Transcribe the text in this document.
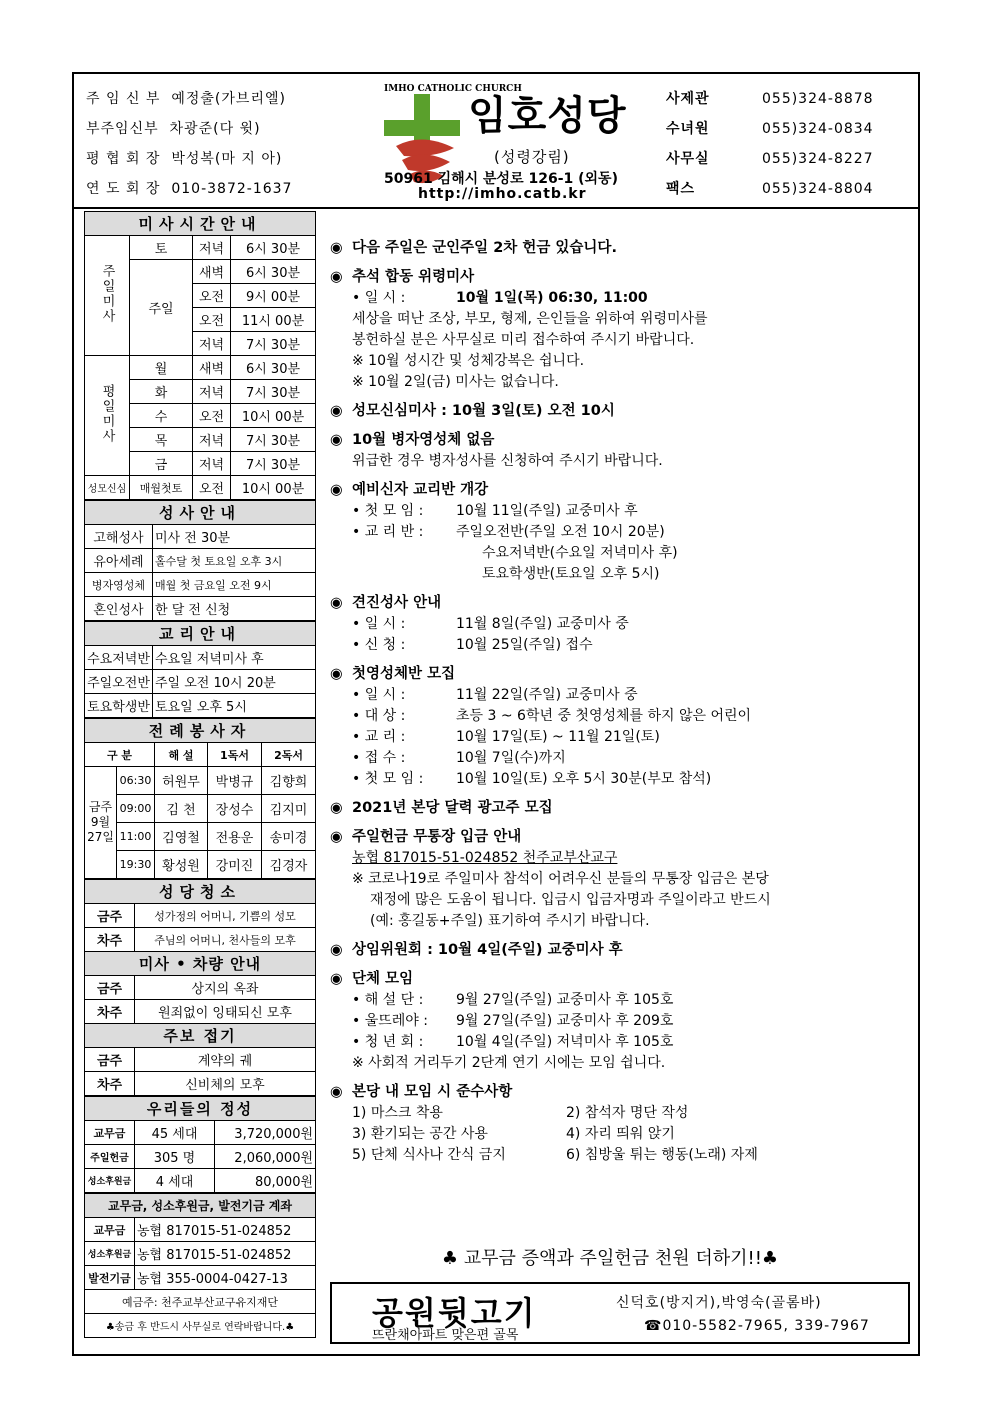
주 임 신 부 예정출(가브리엘)
부주임신부 차광준(다 윗)
평 협 회 장 박성복(마 지 아)
연 도 회 장 010-3872-1637
IMHO CATHOLIC CHURCH
임호성당
(성령강림)
50961 김해시 분성로 126-1 (외동)
http://imho.catb.kr
사제관	055)324-8878
수녀원	055)324-0834
사무실	055)324-8227
팩스	055)324-8804
미사시간안내			
주일미사	토	저녁	6시 30분
	주일	새벽	6시 30분
		오전	9시 00분
		오전	11시 00분
		저녁	7시 30분
평일미사	월	새벽	6시 30분
	화	저녁	7시 30분
	수	오전	10시 00분
	목	저녁	7시 30분
	금	저녁	7시 30분
성모신심	매월첫토	오전	10시 00분
성사안내	
고해성사	미사 전 30분
유아세례	홀수달 첫 토요일 오후 3시
병자영성체	매월 첫 금요일 오전 9시
혼인성사	한 달 전 신청
교리안내	
수요저녁반	수요일 저녁미사 후
주일오전반	주일 오전 10시 20분
토요학생반	토요일 오후 5시
전례봉사자				
구 분		해 설	1독서	2독서
금주 9월 27일	06:30	허원무	박병규	김향희
	09:00	김 천	장성수	김지미
	11:00	김영철	전용운	송미경
	19:30	황성원	강미진	김경자
성당청소	
금주	성가정의 어머니, 기쁨의 성모
차주	주님의 어머니, 천사들의 모후
미사 • 차량 안내	
금주	상지의 옥좌
차주	원죄없이 잉태되신 모후
주보 접기	
금주	계약의 궤
차주	신비체의 모후
우리들의 정성		
교무금	45 세대	3,720,000원
주일헌금	305 명	2,060,000원
성소후원금	4 세대	80,000원
교무금, 성소후원금, 발전기금 계좌	
교무금	농협 817015-51-024852
성소후원금	농협 817015-51-024852
발전기금	농협 355-0004-0427-13
예금주: 천주교부산교구유지재단	
♣송금 후 반드시 사무실로 연락바랍니다.♣	
◉ 다음 주일은 군인주일 2차 헌금 있습니다.
◉ 추석 합동 위령미사
• 일 시 :	10월 1일(목) 06:30, 11:00
세상을 떠난 조상, 부모, 형제, 은인들을 위하여 위령미사를
봉헌하실 분은 사무실로 미리 접수하여 주시기 바랍니다.
※ 10월 성시간 및 성체강복은 쉽니다.
※ 10월 2일(금) 미사는 없습니다.
◉ 성모신심미사 : 10월 3일(토) 오전 10시
◉ 10월 병자영성체 없음
위급한 경우 병자성사를 신청하여 주시기 바랍니다.
◉ 예비신자 교리반 개강
• 첫 모 임 : 10월 11일(주일) 교중미사 후
• 교 리 반 : 주일오전반(주일 오전 10시 20분)
수요저녁반(수요일 저녁미사 후)
토요학생반(토요일 오후 5시)
◉ 견진성사 안내
• 일 시 :	11월 8일(주일) 교중미사 중
• 신 청 :	10월 25일(주일) 접수
◉ 첫영성체반 모집
• 일 시 :	11월 22일(주일) 교중미사 중
• 대 상 :	초등 3 ~ 6학년 중 첫영성체를 하지 않은 어린이
• 교 리 :	10월 17일(토) ~ 11월 21일(토)
• 접 수 :	10월 7일(수)까지
• 첫 모 임 : 10월 10일(토) 오후 5시 30분(부모 참석)
◉ 2021년 본당 달력 광고주 모집
◉ 주일헌금 무통장 입금 안내
농협 817015-51-024852 천주교부산교구
※ 코로나19로 주일미사 참석이 어려우신 분들의 무통장 입금은 본당
재정에 많은 도움이 됩니다. 입금시 입금자명과 주일이라고 반드시
(예: 홍길동+주일) 표기하여 주시기 바랍니다.
◉ 상임위원회 : 10월 4일(주일) 교중미사 후
◉ 단체 모임
• 해 설 단 : 9월 27일(주일) 교중미사 후 105호
• 울뜨레야 : 9월 27일(주일) 교중미사 후 209호
• 청 년 회 : 10월 4일(주일) 저녁미사 후 105호
※ 사회적 거리두기 2단계 연기 시에는 모임 쉽니다.
◉ 본당 내 모임 시 준수사항
1) 마스크 착용	2) 참석자 명단 작성
3) 환기되는 공간 사용	4) 자리 띄워 앉기
5) 단체 식사나 간식 금지	6) 침방울 튀는 행동(노래) 자제
♣ 교무금 증액과 주일헌금 천원 더하기!!♣
공원뒷고기
뜨란채아파트 맞은편 골목
신덕호(방지거),박영숙(골롬바)
☎010-5582-7965, 339-7967
